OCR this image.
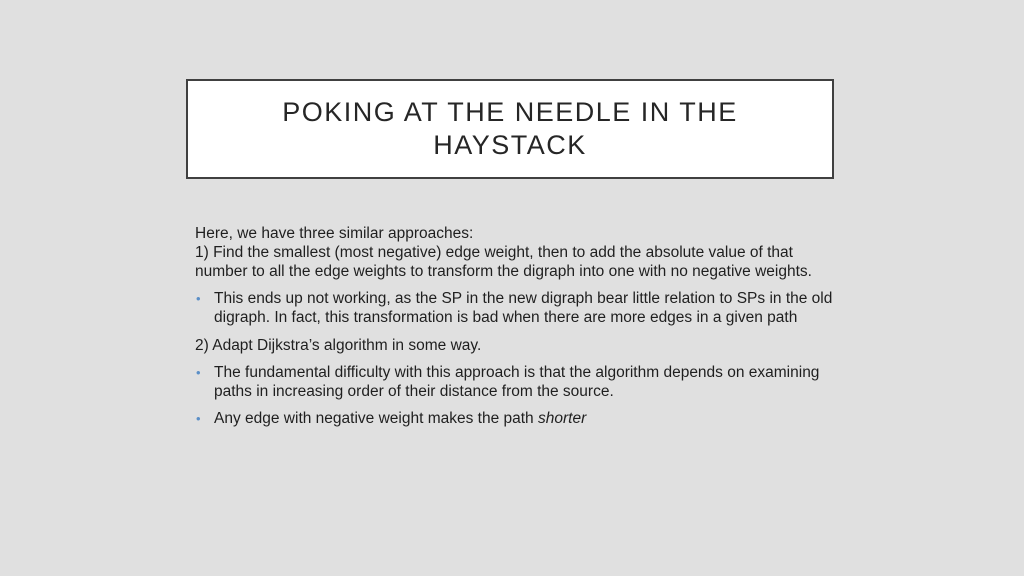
POKING AT THE NEEDLE IN THE HAYSTACK

Here, we have three similar approaches:

1) Find the smallest (most negative) edge weight, then to add the absolute value of that number to all the edge weights to transform the digraph into one with no negative weights.

• This ends up not working, as the SP in the new digraph bear little relation to SPs in the old digraph. In fact, this transformation is bad when there are more edges in a given path

2) Adapt Dijkstra’s algorithm in some way.

• The fundamental difficulty with this approach is that the algorithm depends on examining paths in increasing order of their distance from the source.
• Any edge with negative weight makes the path shorter
